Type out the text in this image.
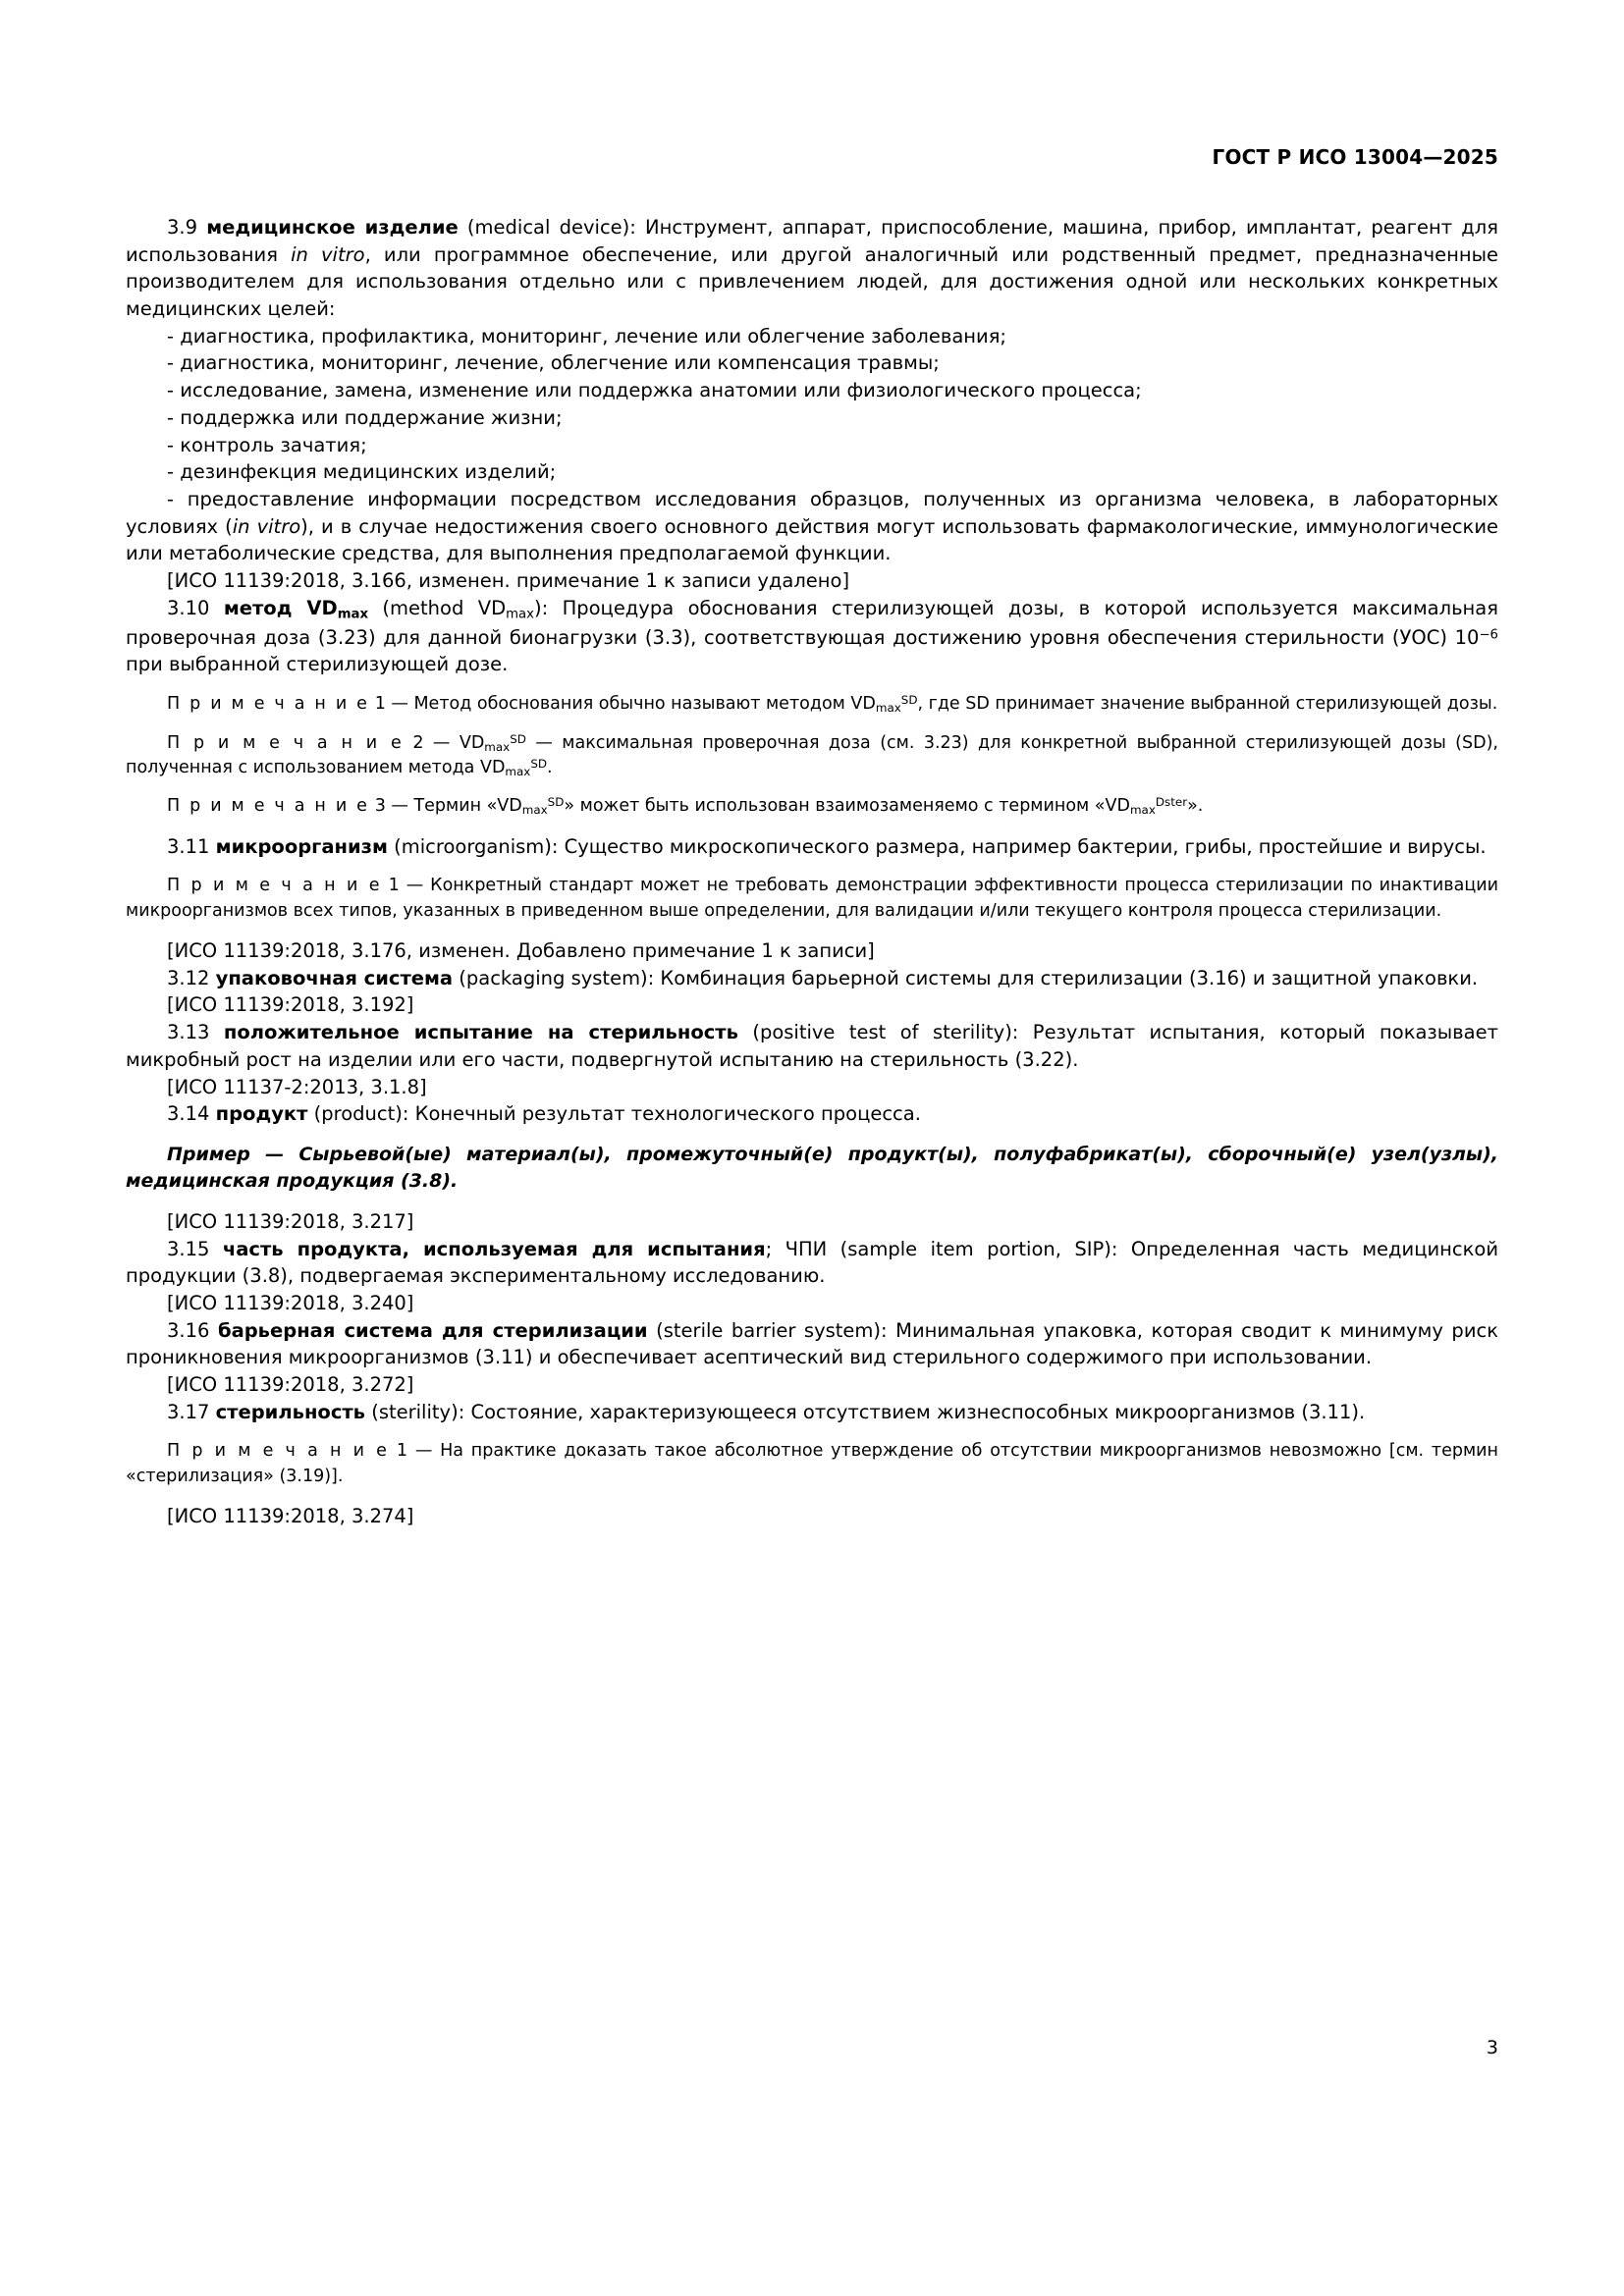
ГОСТ Р ИСО 13004—2025

3.9 медицинское изделие (medical device): Инструмент, аппарат, приспособление, машина, прибор, имплантат, реагент для использования in vitro, или программное обеспечение, или другой аналогичный или родственный предмет, предназначенные производителем для использования отдельно или с привлечением людей, для достижения одной или нескольких конкретных медицинских целей:

- диагностика, профилактика, мониторинг, лечение или облегчение заболевания;

- диагностика, мониторинг, лечение, облегчение или компенсация травмы;

- исследование, замена, изменение или поддержка анатомии или физиологического процесса;

- поддержка или поддержание жизни;

- контроль зачатия;

- дезинфекция медицинских изделий;

- предоставление информации посредством исследования образцов, полученных из организма человека, в лабораторных условиях (in vitro), и в случае недостижения своего основного действия могут использовать фармакологические, иммунологические или метаболические средства, для выполнения предполагаемой функции.

[ИСО 11139:2018, 3.166, изменен. примечание 1 к записи удалено]

3.10 метод $VD_{max}$ (method $VD_{max}$): Процедура обоснования стерилизующей дозы, в которой используется максимальная проверочная доза (3.23) для данной бионагрузки (3.3), соответствующая достижению уровня обеспечения стерильности (УОС) $10^{-6}$ при выбранной стерилизующей дозе.

П р и м е ч а н и е 1 — Метод обоснования обычно называют методом $VD_{max}^{SD}$, где SD принимает значение выбранной стерилизующей дозы.

П р и м е ч а н и е 2 — $VD_{max}^{SD}$ — максимальная проверочная доза (см. 3.23) для конкретной выбранной стерилизующей дозы (SD), полученная с использованием метода $VD_{max}^{SD}$.

П р и м е ч а н и е 3 — Термин «$VD_{max}^{SD}$» может быть использован взаимозаменяемо с термином «$VD_{max}^{Dster}$».

3.11 микроорганизм (microorganism): Существо микроскопического размера, например бактерии, грибы, простейшие и вирусы.

П р и м е ч а н и е 1 — Конкретный стандарт может не требовать демонстрации эффективности процесса стерилизации по инактивации микроорганизмов всех типов, указанных в приведенном выше определении, для валидации и/или текущего контроля процесса стерилизации.

[ИСО 11139:2018, 3.176, изменен. Добавлено примечание 1 к записи]

3.12 упаковочная система (packaging system): Комбинация барьерной системы для стерилизации (3.16) и защитной упаковки.

[ИСО 11139:2018, 3.192]

3.13 положительное испытание на стерильность (positive test of sterility): Результат испытания, который показывает микробный рост на изделии или его части, подвергнутой испытанию на стерильность (3.22).

[ИСО 11137-2:2013, 3.1.8]

3.14 продукт (product): Конечный результат технологического процесса.

Пример — Сырьевой(ые) материал(ы), промежуточный(е) продукт(ы), полуфабрикат(ы), сборочный(е) узел(узлы), медицинская продукция (3.8).

[ИСО 11139:2018, 3.217]

3.15 часть продукта, используемая для испытания; ЧПИ (sample item portion, SIP): Определенная часть медицинской продукции (3.8), подвергаемая экспериментальному исследованию.

[ИСО 11139:2018, 3.240]

3.16 барьерная система для стерилизации (sterile barrier system): Минимальная упаковка, которая сводит к минимуму риск проникновения микроорганизмов (3.11) и обеспечивает асептический вид стерильного содержимого при использовании.

[ИСО 11139:2018, 3.272]

3.17 стерильность (sterility): Состояние, характеризующееся отсутствием жизнеспособных микроорганизмов (3.11).

П р и м е ч а н и е 1 — На практике доказать такое абсолютное утверждение об отсутствии микроорганизмов невозможно [см. термин «стерилизация» (3.19)].

[ИСО 11139:2018, 3.274]

3
